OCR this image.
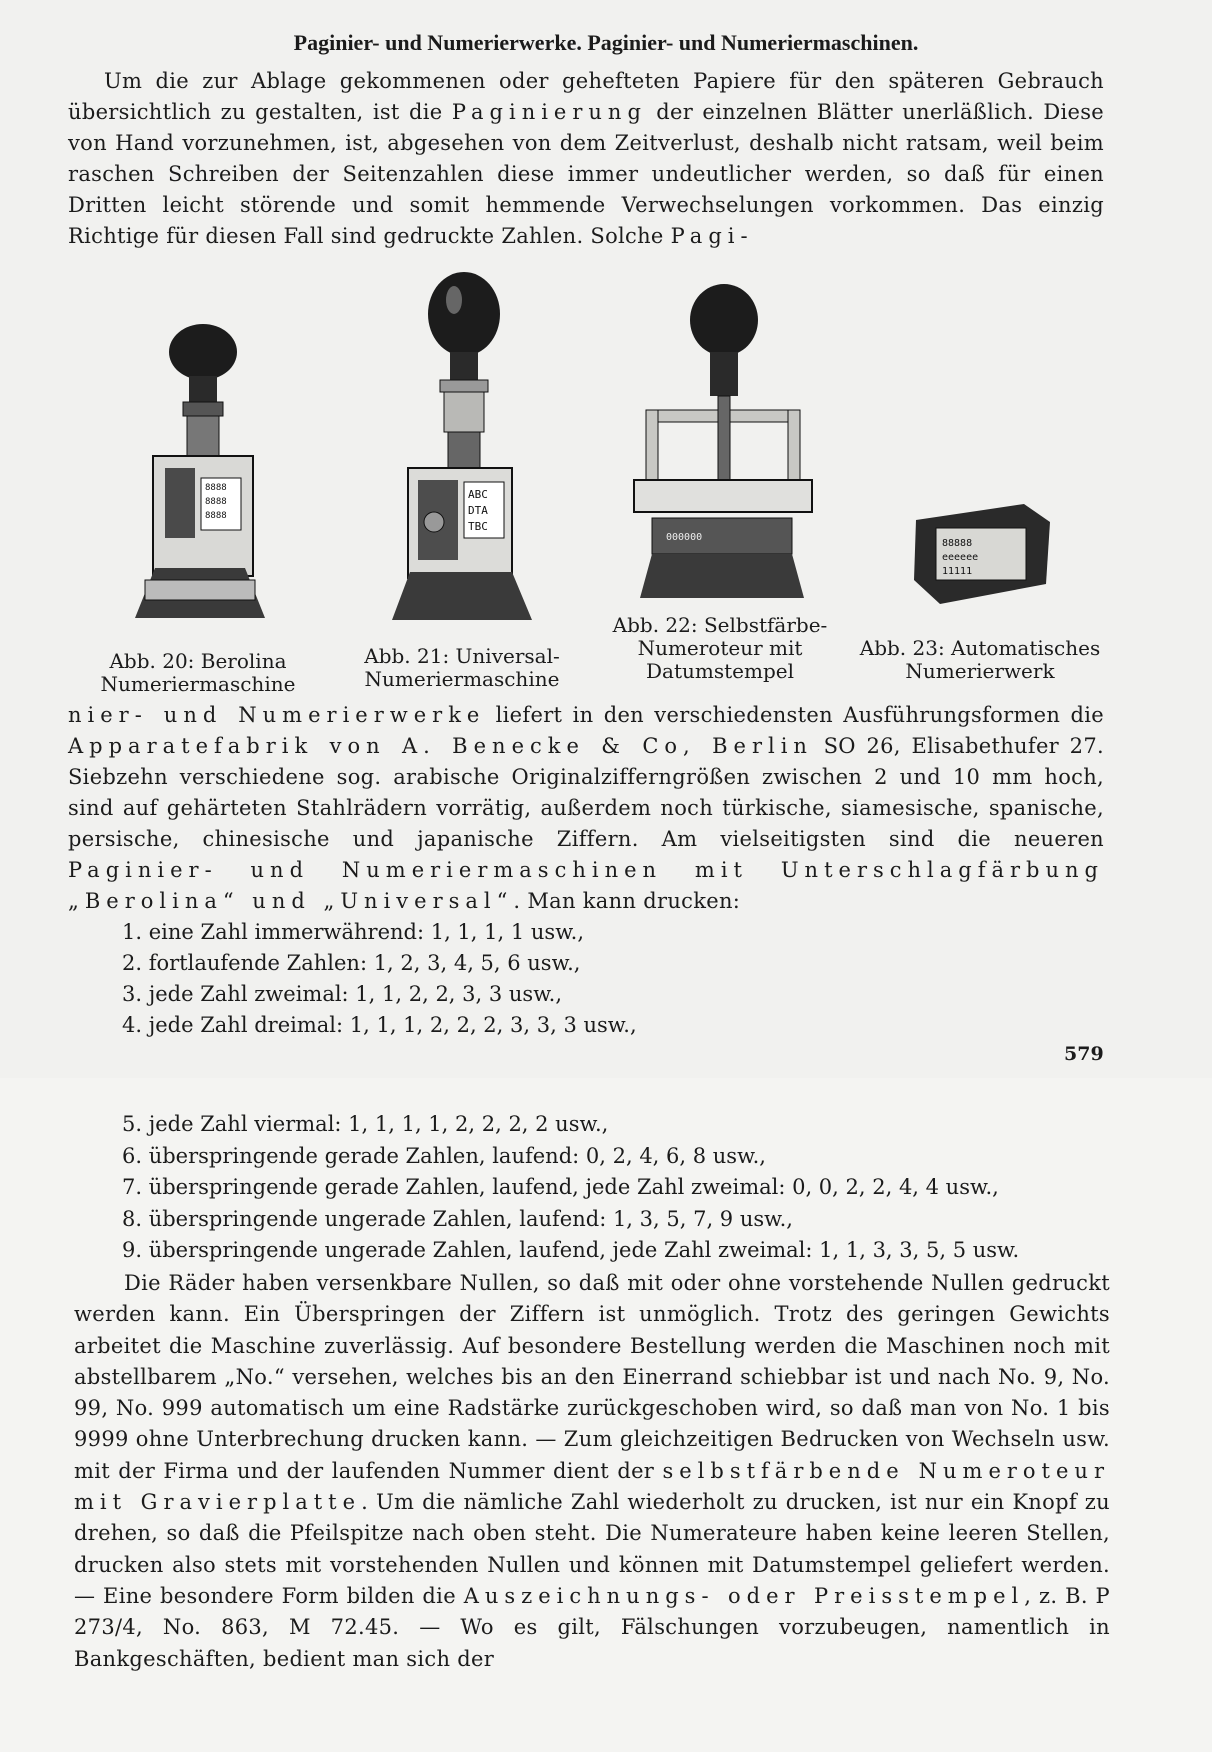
Paginier- und Numerierwerke. Paginier- und Numeriermaschinen.
Um die zur Ablage gekommenen oder gehefteten Papiere für den späteren Gebrauch übersichtlich zu gestalten, ist die Paginierung der einzelnen Blätter unerläßlich. Diese von Hand vorzunehmen, ist, abgesehen von dem Zeitverlust, deshalb nicht ratsam, weil beim raschen Schreiben der Seitenzahlen diese immer undeutlicher werden, so daß für einen Dritten leicht störende und somit hemmende Verwechselungen vorkommen. Das einzig Richtige für diesen Fall sind gedruckte Zahlen. Solche Pagi-
8888
8888
8888
ABC
DTA
TBC
000000
88888
eeeeee
11111
Abb. 20: Berolina
Numeriermaschine
Abb. 21: Universal-
Numeriermaschine
Abb. 22: Selbstfärbe-
Numeroteur mit
Datumstempel
Abb. 23: Automatisches
Numerierwerk
nier- und Numerierwerke liefert in den verschiedensten Ausführungsformen die Apparatefabrik von A. Benecke & Co, Berlin SO 26, Elisabethufer 27. Siebzehn verschiedene sog. arabische Originalzifferngrößen zwischen 2 und 10 mm hoch, sind auf gehärteten Stahlrädern vorrätig, außerdem noch türkische, siamesische, spanische, persische, chinesische und japanische Ziffern. Am vielseitigsten sind die neueren Paginier- und Numeriermaschinen mit Unterschlagfärbung „Berolina“ und „Universal“. Man kann drucken:
1. eine Zahl immerwährend: 1, 1, 1, 1 usw.,
2. fortlaufende Zahlen: 1, 2, 3, 4, 5, 6 usw.,
3. jede Zahl zweimal: 1, 1, 2, 2, 3, 3 usw.,
4. jede Zahl dreimal: 1, 1, 1, 2, 2, 2, 3, 3, 3 usw.,
579
5. jede Zahl viermal: 1, 1, 1, 1, 2, 2, 2, 2 usw.,
6. überspringende gerade Zahlen, laufend: 0, 2, 4, 6, 8 usw.,
7. überspringende gerade Zahlen, laufend, jede Zahl zweimal: 0, 0, 2, 2, 4, 4 usw.,
8. überspringende ungerade Zahlen, laufend: 1, 3, 5, 7, 9 usw.,
9. überspringende ungerade Zahlen, laufend, jede Zahl zweimal: 1, 1, 3, 3, 5, 5 usw.
Die Räder haben versenkbare Nullen, so daß mit oder ohne vorstehende Nullen gedruckt werden kann. Ein Überspringen der Ziffern ist unmöglich. Trotz des geringen Gewichts arbeitet die Maschine zuverlässig. Auf besondere Bestellung werden die Maschinen noch mit abstellbarem „No.“ versehen, welches bis an den Einerrand schiebbar ist und nach No. 9, No. 99, No. 999 automatisch um eine Radstärke zurückgeschoben wird, so daß man von No. 1 bis 9999 ohne Unterbrechung drucken kann. — Zum gleichzeitigen Bedrucken von Wechseln usw. mit der Firma und der laufenden Nummer dient der selbstfärbende Numeroteur mit Gravierplatte. Um die nämliche Zahl wiederholt zu drucken, ist nur ein Knopf zu drehen, so daß die Pfeilspitze nach oben steht. Die Numerateure haben keine leeren Stellen, drucken also stets mit vorstehenden Nullen und können mit Datumstempel geliefert werden. — Eine besondere Form bilden die Auszeichnungs- oder Preisstempel, z. B. P 273/4, No. 863, M 72.45. — Wo es gilt, Fälschungen vorzubeugen, namentlich in Bankgeschäften, bedient man sich der
